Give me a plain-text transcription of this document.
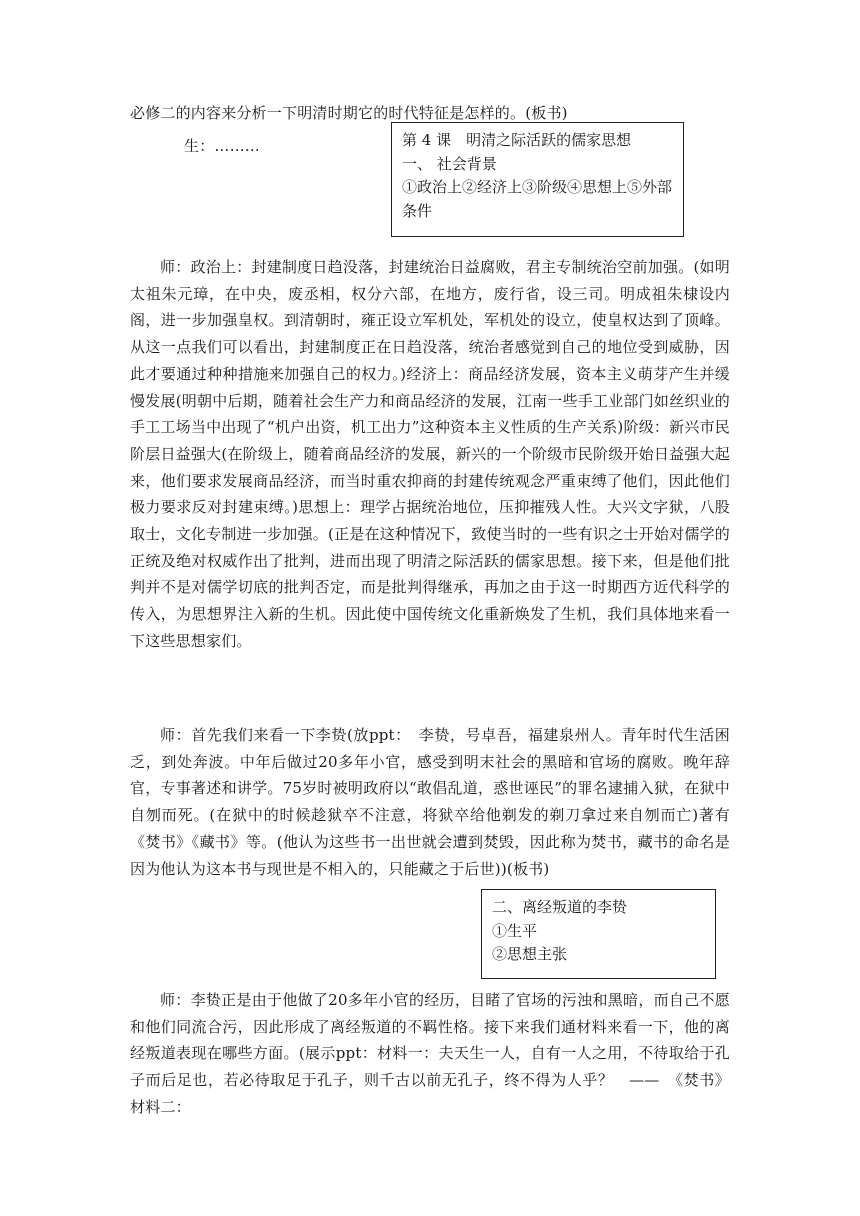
必修二的内容来分析一下明清时期它的时代特征是怎样的。(板书)

生：………	第 4 课　明清之际活跃的儒家思想
一、 社会背景
①政治上②经济上③阶级④思想上⑤外部条件

师：政治上：封建制度日趋没落，封建统治日益腐败，君主专制统治空前加强。(如明太祖朱元璋，在中央，废丞相，权分六部，在地方，废行省，设三司。明成祖朱棣设内阁，进一步加强皇权。到清朝时，雍正设立军机处，军机处的设立，使皇权达到了顶峰。从这一点我们可以看出，封建制度正在日趋没落，统治者感觉到自己的地位受到威胁，因此才要通过种种措施来加强自己的权力。)经济上：商品经济发展，资本主义萌芽产生并缓慢发展(明朝中后期，随着社会生产力和商品经济的发展，江南一些手工业部门如丝织业的手工工场当中出现了“机户出资，机工出力”这种资本主义性质的生产关系)阶级：新兴市民阶层日益强大(在阶级上，随着商品经济的发展，新兴的一个阶级市民阶级开始日益强大起来，他们要求发展商品经济，而当时重农抑商的封建传统观念严重束缚了他们，因此他们极力要求反对封建束缚。)思想上：理学占据统治地位，压抑摧残人性。大兴文字狱，八股取士，文化专制进一步加强。(正是在这种情况下，致使当时的一些有识之士开始对儒学的正统及绝对权威作出了批判，进而出现了明清之际活跃的儒家思想。接下来，但是他们批判并不是对儒学切底的批判否定，而是批判得继承，再加之由于这一时期西方近代科学的传入，为思想界注入新的生机。因此使中国传统文化重新焕发了生机，我们具体地来看一下这些思想家们。

师：首先我们来看一下李贽(放ppt：　李贽，号卓吾，福建泉州人。青年时代生活困乏，到处奔波。中年后做过20多年小官，感受到明末社会的黑暗和官场的腐败。晚年辞官，专事著述和讲学。75岁时被明政府以“敢倡乱道，惑世诬民”的罪名逮捕入狱，在狱中自刎而死。(在狱中的时候趁狱卒不注意，将狱卒给他剃发的剃刀拿过来自刎而亡)著有《焚书》《藏书》等。(他认为这些书一出世就会遭到焚毁，因此称为焚书，藏书的命名是因为他认为这本书与现世是不相入的，只能藏之于后世))(板书)

二、离经叛道的李贽
①生平
②思想主张

师：李贽正是由于他做了20多年小官的经历，目睹了官场的污浊和黑暗，而自己不愿和他们同流合污，因此形成了离经叛道的不羁性格。接下来我们通材料来看一下，他的离经叛道表现在哪些方面。(展示ppt：材料一：夫天生一人，自有一人之用，不待取给于孔子而后足也，若必待取足于孔子，则千古以前无孔子，终不得为人乎？　——　《焚书》材料二：
